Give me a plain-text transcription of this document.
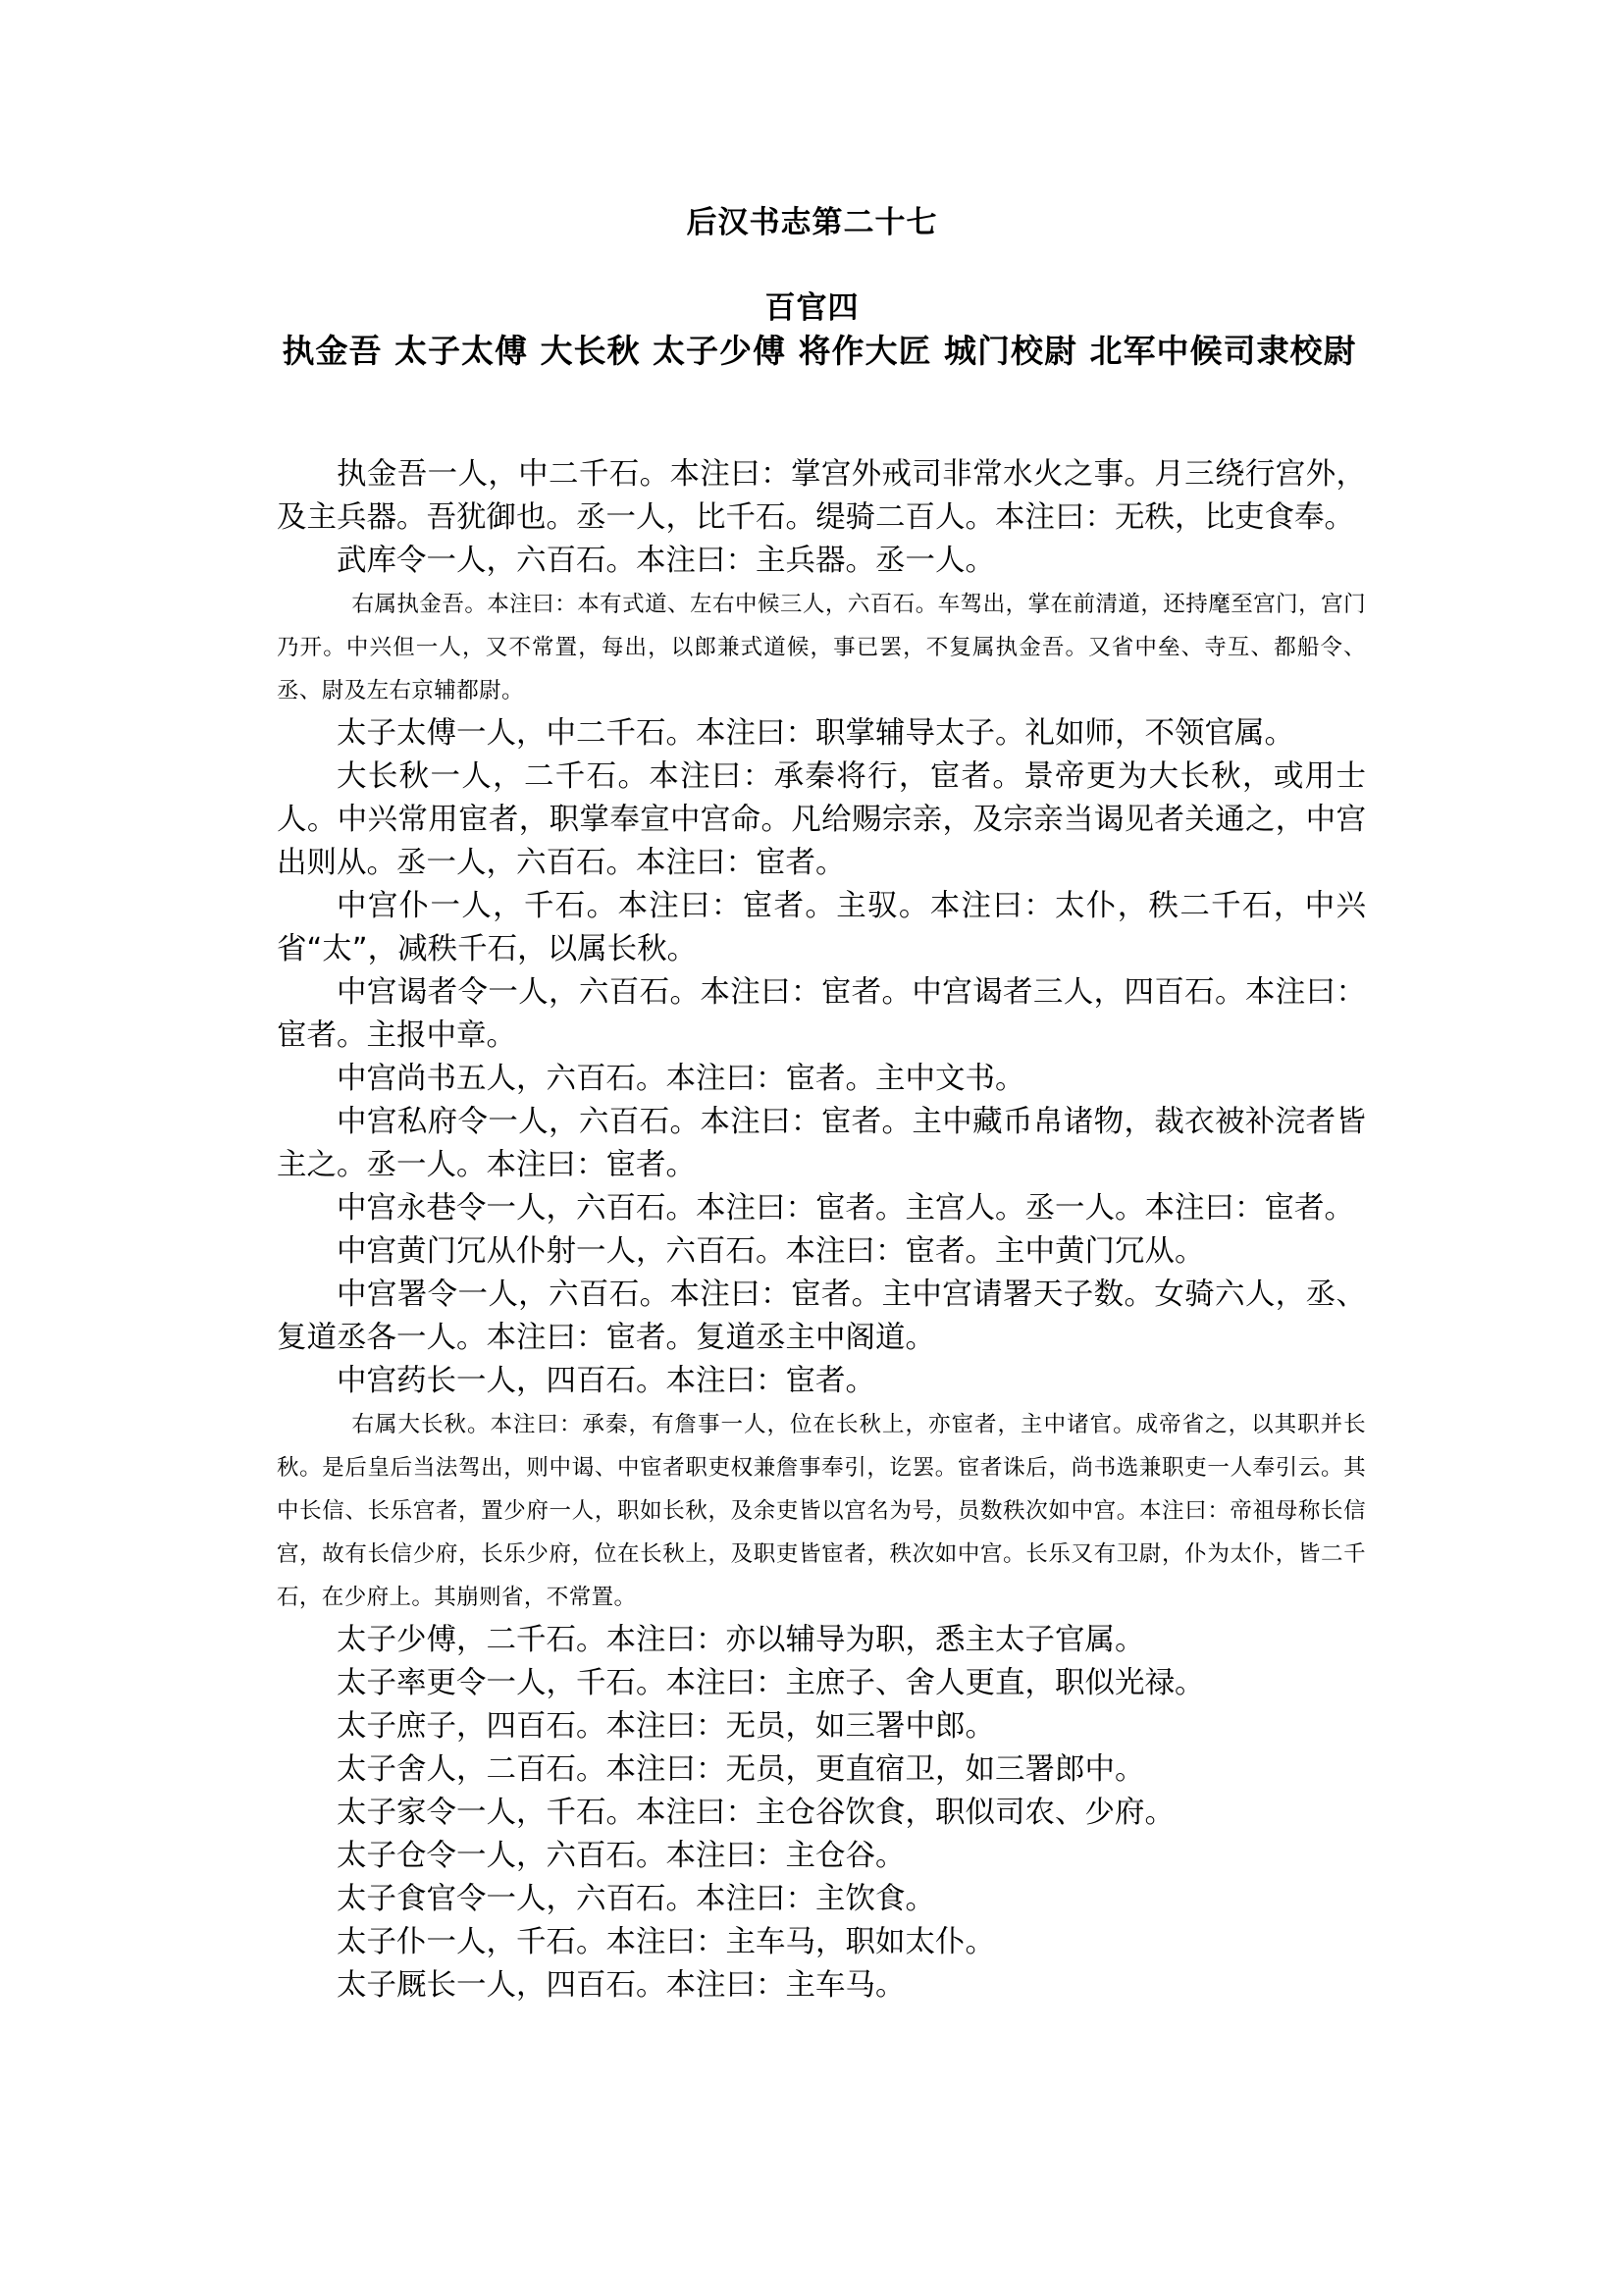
后汉书志第二十七
百官四
执金吾 太子太傅 大长秋 太子少傅 将作大匠 城门校尉 北军中候司隶校尉

执金吾一人，中二千石。本注曰：掌宫外戒司非常水火之事。月三绕行宫外，及主兵器。吾犹御也。丞一人，比千石。缇骑二百人。本注曰：无秩，比吏食奉。

武库令一人，六百石。本注曰：主兵器。丞一人。

右属执金吾。本注曰：本有式道、左右中候三人，六百石。车驾出，掌在前清道，还持麾至宫门，宫门乃开。中兴但一人，又不常置，每出，以郎兼式道候，事已罢，不复属执金吾。又省中垒、寺互、都船令、丞、尉及左右京辅都尉。

太子太傅一人，中二千石。本注曰：职掌辅导太子。礼如师，不领官属。

大长秋一人，二千石。本注曰：承秦将行，宦者。景帝更为大长秋，或用士人。中兴常用宦者，职掌奉宣中宫命。凡给赐宗亲，及宗亲当谒见者关通之，中宫出则从。丞一人，六百石。本注曰：宦者。

中宫仆一人，千石。本注曰：宦者。主驭。本注曰：太仆，秩二千石，中兴省“太”，减秩千石，以属长秋。

中宫谒者令一人，六百石。本注曰：宦者。中宫谒者三人，四百石。本注曰：宦者。主报中章。

中宫尚书五人，六百石。本注曰：宦者。主中文书。

中宫私府令一人，六百石。本注曰：宦者。主中藏币帛诸物，裁衣被补浣者皆主之。丞一人。本注曰：宦者。

中宫永巷令一人，六百石。本注曰：宦者。主宫人。丞一人。本注曰：宦者。

中宫黄门冗从仆射一人，六百石。本注曰：宦者。主中黄门冗从。

中宫署令一人，六百石。本注曰：宦者。主中宫请署天子数。女骑六人，丞、复道丞各一人。本注曰：宦者。复道丞主中阁道。

中宫药长一人，四百石。本注曰：宦者。

右属大长秋。本注曰：承秦，有詹事一人，位在长秋上，亦宦者，主中诸官。成帝省之，以其职并长秋。是后皇后当法驾出，则中谒、中宦者职吏权兼詹事奉引，讫罢。宦者诛后，尚书选兼职吏一人奉引云。其中长信、长乐宫者，置少府一人，职如长秋，及余吏皆以宫名为号，员数秩次如中宫。本注曰：帝祖母称长信宫，故有长信少府，长乐少府，位在长秋上，及职吏皆宦者，秩次如中宫。长乐又有卫尉，仆为太仆，皆二千石，在少府上。其崩则省，不常置。

太子少傅，二千石。本注曰：亦以辅导为职，悉主太子官属。

太子率更令一人，千石。本注曰：主庶子、舍人更直，职似光禄。

太子庶子，四百石。本注曰：无员，如三署中郎。

太子舍人，二百石。本注曰：无员，更直宿卫，如三署郎中。

太子家令一人，千石。本注曰：主仓谷饮食，职似司农、少府。

太子仓令一人，六百石。本注曰：主仓谷。

太子食官令一人，六百石。本注曰：主饮食。

太子仆一人，千石。本注曰：主车马，职如太仆。

太子厩长一人，四百石。本注曰：主车马。
